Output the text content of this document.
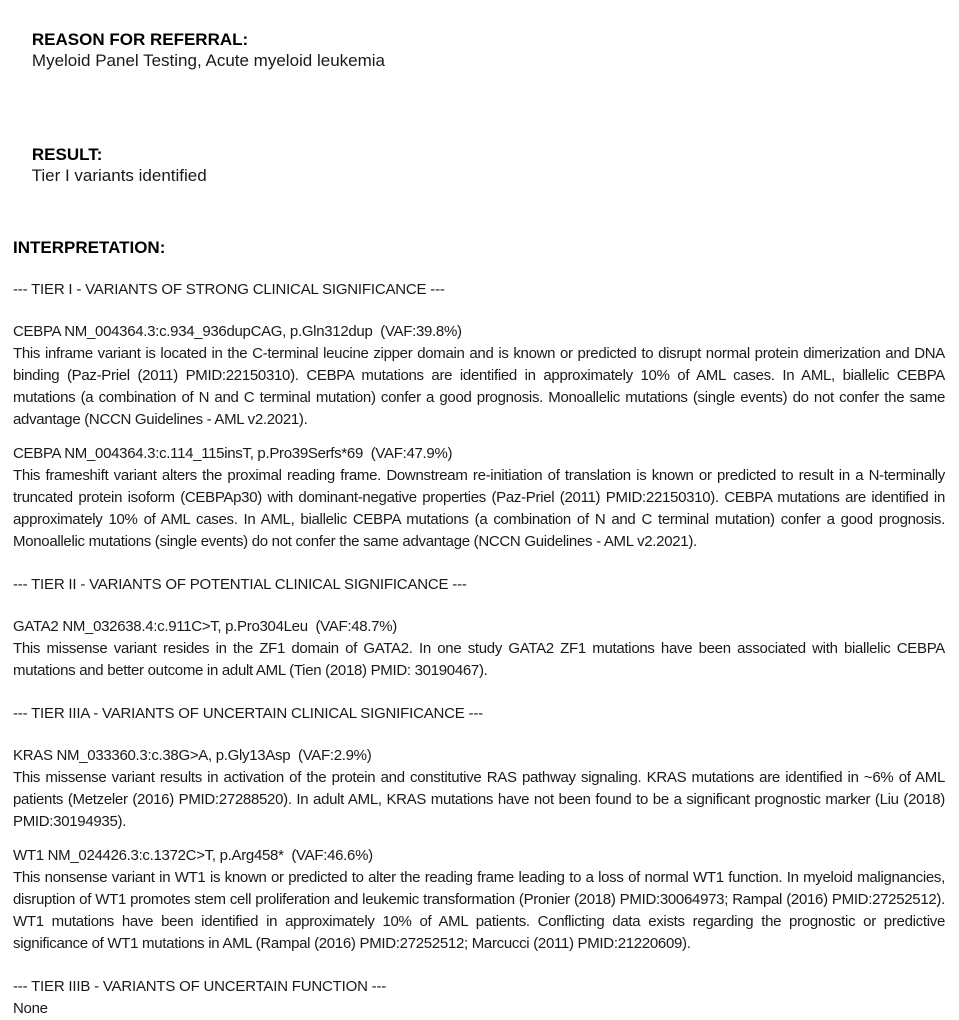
REASON FOR REFERRAL:
Myeloid Panel Testing, Acute myeloid leukemia

RESULT:
Tier I variants identified

INTERPRETATION:
--- TIER I - VARIANTS OF STRONG CLINICAL SIGNIFICANCE ---
CEBPA NM_004364.3:c.934_936dupCAG, p.Gln312dup  (VAF:39.8%)
This inframe variant is located in the C-terminal leucine zipper domain and is known or predicted to disrupt normal protein dimerization and DNA binding (Paz-Priel (2011) PMID:22150310). CEBPA mutations are identified in approximately 10% of AML cases. In AML, biallelic CEBPA mutations (a combination of N and C terminal mutation) confer a good prognosis. Monoallelic mutations (single events) do not confer the same advantage (NCCN Guidelines - AML v2.2021).
CEBPA NM_004364.3:c.114_115insT, p.Pro39Serfs*69  (VAF:47.9%)
This frameshift variant alters the proximal reading frame. Downstream re-initiation of translation is known or predicted to result in a N-terminally truncated protein isoform (CEBPAp30) with dominant-negative properties (Paz-Priel (2011) PMID:22150310). CEBPA mutations are identified in approximately 10% of AML cases. In AML, biallelic CEBPA mutations (a combination of N and C terminal mutation) confer a good prognosis. Monoallelic mutations (single events) do not confer the same advantage (NCCN Guidelines - AML v2.2021).
--- TIER II - VARIANTS OF POTENTIAL CLINICAL SIGNIFICANCE ---
GATA2 NM_032638.4:c.911C>T, p.Pro304Leu  (VAF:48.7%)
This missense variant resides in the ZF1 domain of GATA2. In one study GATA2 ZF1 mutations have been associated with biallelic CEBPA mutations and better outcome in adult AML (Tien (2018) PMID: 30190467).
--- TIER IIIA - VARIANTS OF UNCERTAIN CLINICAL SIGNIFICANCE ---
KRAS NM_033360.3:c.38G>A, p.Gly13Asp  (VAF:2.9%)
This missense variant results in activation of the protein and constitutive RAS pathway signaling. KRAS mutations are identified in ~6% of AML patients (Metzeler (2016) PMID:27288520). In adult AML, KRAS mutations have not been found to be a significant prognostic marker (Liu (2018) PMID:30194935).
WT1 NM_024426.3:c.1372C>T, p.Arg458*  (VAF:46.6%)
This nonsense variant in WT1 is known or predicted to alter the reading frame leading to a loss of normal WT1 function. In myeloid malignancies, disruption of WT1 promotes stem cell proliferation and leukemic transformation (Pronier (2018) PMID:30064973; Rampal (2016) PMID:27252512). WT1 mutations have been identified in approximately 10% of AML patients. Conflicting data exists regarding the prognostic or predictive significance of WT1 mutations in AML (Rampal (2016) PMID:27252512; Marcucci (2011) PMID:21220609).
--- TIER IIIB - VARIANTS OF UNCERTAIN FUNCTION ---
None
